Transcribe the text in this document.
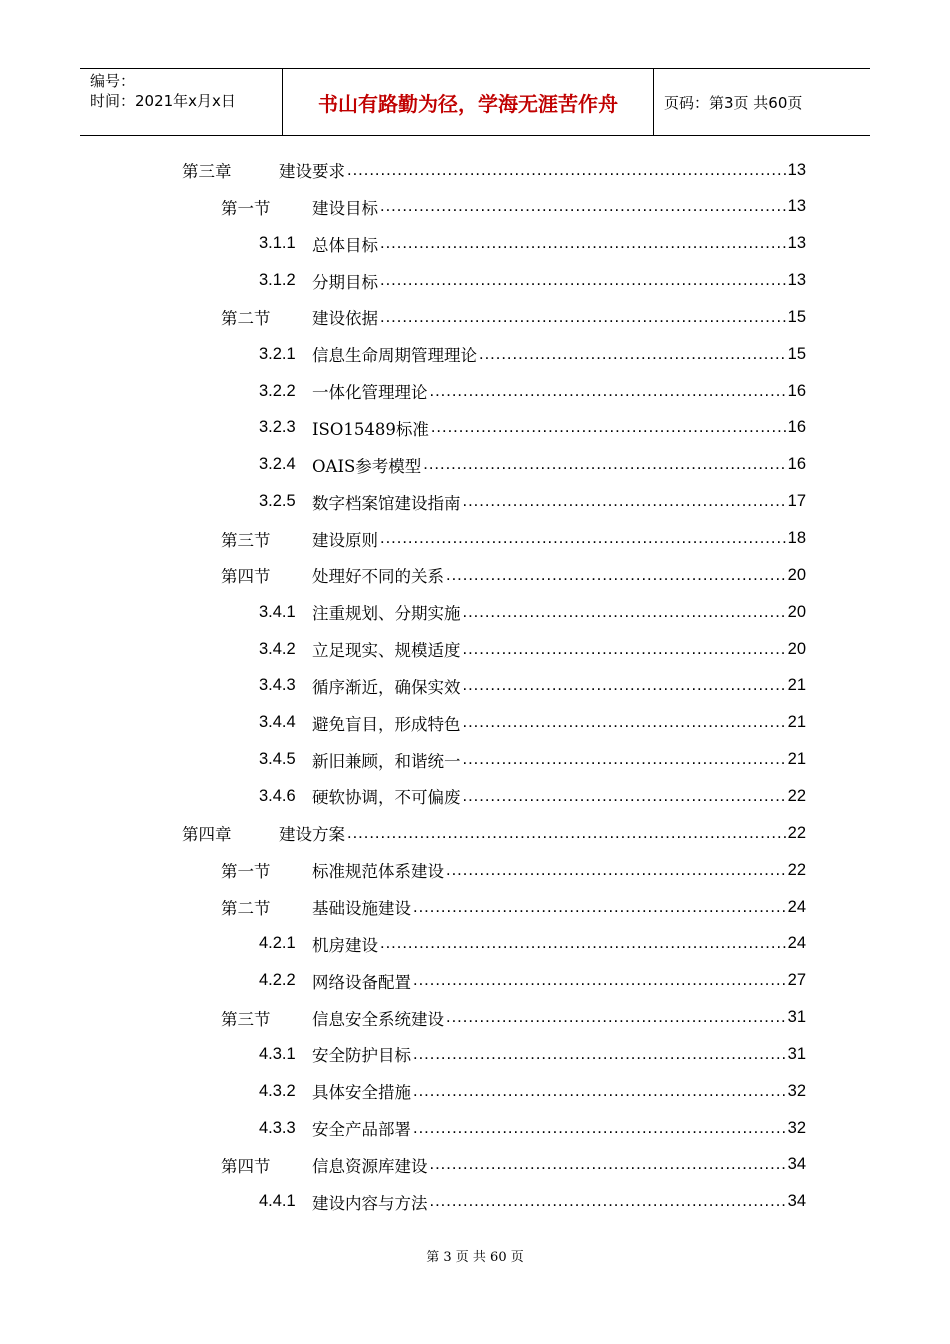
编号：
时间：2021年x月x日	书山有路勤为径，学海无涯苦作舟	页码：第3页 共60页
第三章	建设要求 .....	13
第一节	建设目标 .....	13
3.1.1 总体目标 .....	13
3.1.2 分期目标 .....	13
第二节	建设依据 .....	15
3.2.1 信息生命周期管理理论 .....	15
3.2.2 一体化管理理论 .....	16
3.2.3 ISO15489标准 .....	16
3.2.4 OAIS参考模型 .....	16
3.2.5 数字档案馆建设指南 .....	17
第三节	建设原则 .....	18
第四节	处理好不同的关系 .....	20
3.4.1 注重规划、分期实施 .....	20
3.4.2 立足现实、规模适度 .....	20
3.4.3 循序渐近，确保实效 .....	21
3.4.4 避免盲目，形成特色 .....	21
3.4.5 新旧兼顾，和谐统一 .....	21
3.4.6 硬软协调，不可偏废 .....	22
第四章	建设方案 .....	22
第一节	标准规范体系建设 .....	22
第二节	基础设施建设 .....	24
4.2.1 机房建设 .....	24
4.2.2 网络设备配置 .....	27
第三节	信息安全系统建设 .....	31
4.3.1 安全防护目标 .....	31
4.3.2 具体安全措施 .....	32
4.3.3 安全产品部署 .....	32
第四节	信息资源库建设 .....	34
4.4.1 建设内容与方法 .....	34
第 3 页 共 60 页
